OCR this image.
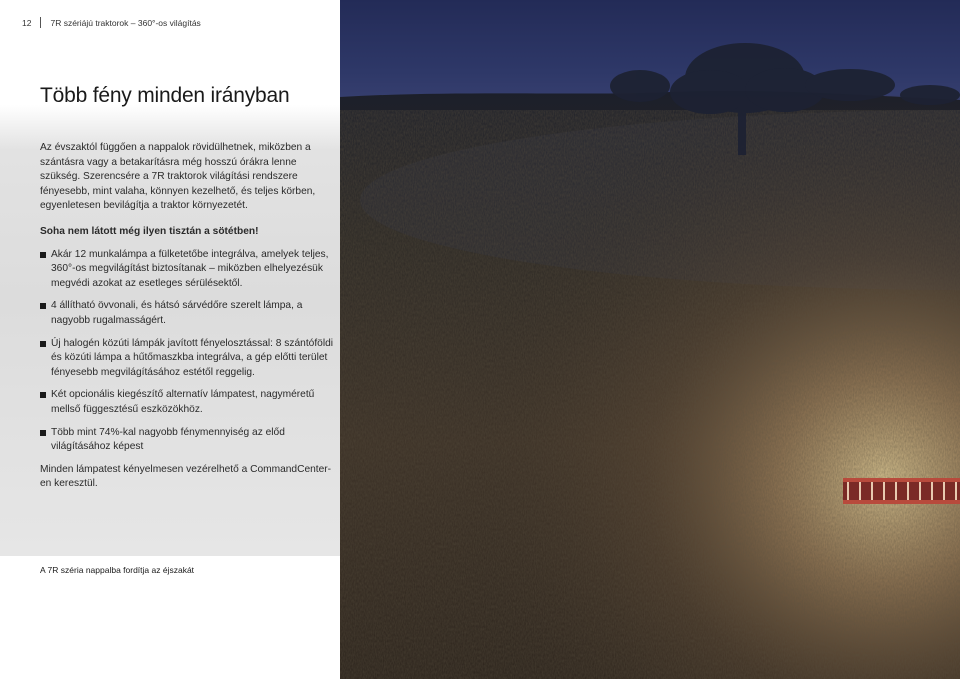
12 7R szériájú traktorok – 360°-os világítás
Több fény minden irányban

Az évszaktól függően a nappalok rövidülhetnek, miközben a szántásra vagy a betakarításra még hosszú órákra lenne szükség. Szerencsére a 7R traktorok világítási rendszere fényesebb, mint valaha, könnyen kezelhető, és teljes körben, egyenletesen bevilágítja a traktor környezetét.

Soha nem látott még ilyen tisztán a sötétben!

Akár 12 munkalámpa a fülketetőbe integrálva, amelyek teljes, 360°-os megvilágítást biztosítanak – miközben elhelyezésük megvédi azokat az esetleges sérülésektől.
4 állítható övvonali, és hátsó sárvédőre szerelt lámpa, a nagyobb rugalmasságért.
Új halogén közúti lámpák javított fényelosztással: 8 szántóföldi és közúti lámpa a hűtőmaszkba integrálva, a gép előtti terület fényesebb megvilágításához estétől reggelig.
Két opcionális kiegészítő alternatív lámpatest, nagyméretű mellső függesztésű eszközökhöz.
Több mint 74%-kal nagyobb fénymennyiség az előd világításához képest

Minden lámpatest kényelmesen vezérelhető a CommandCenter-en keresztül.

A 7R széria nappalba fordítja az éjszakát
